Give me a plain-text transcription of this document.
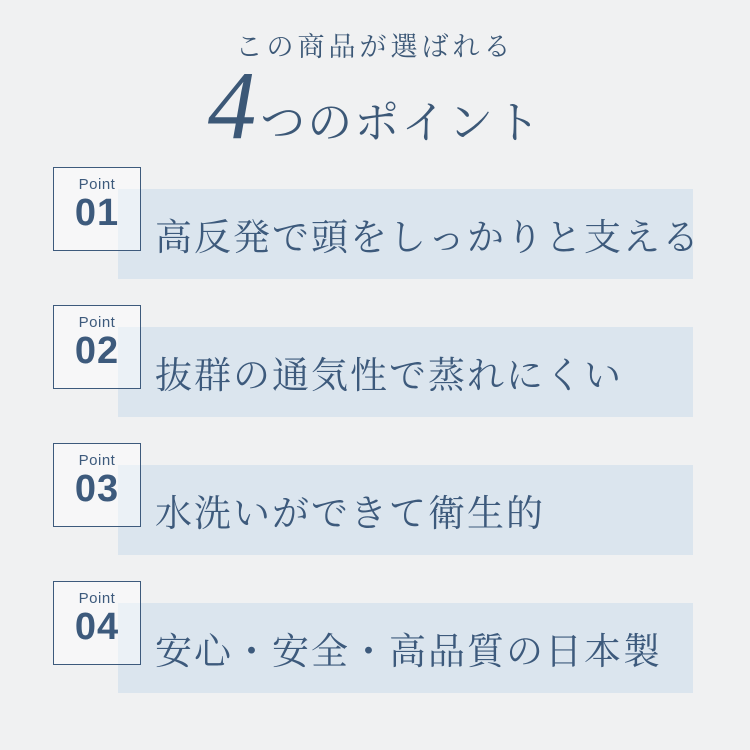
この商品が選ばれる
4 つのポイント
Point
01
高反発で頭をしっかりと支える
Point
02
抜群の通気性で蒸れにくい
Point
03
水洗いができて衛生的
Point
04
安心・安全・高品質の日本製
